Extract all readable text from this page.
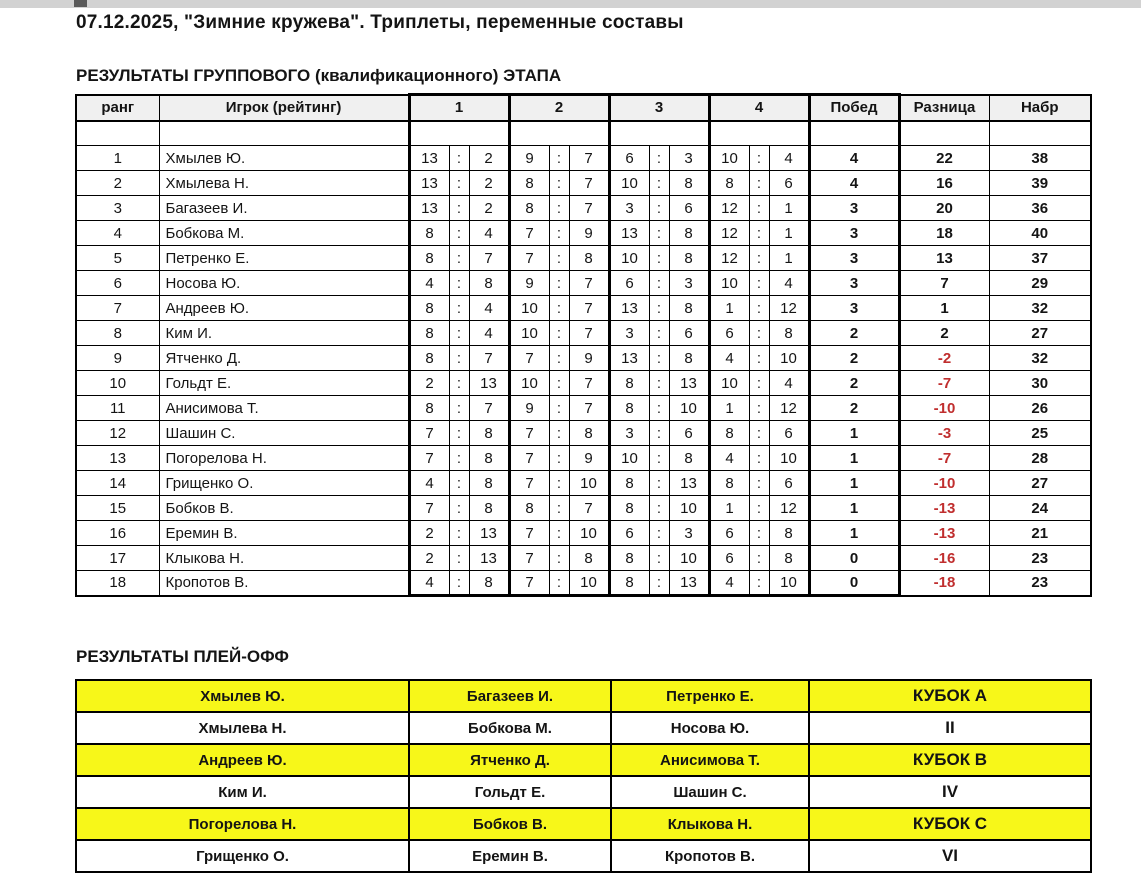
07.12.2025, "Зимние кружева". Триплеты, переменные составы
РЕЗУЛЬТАТЫ ГРУППОВОГО (квалификационного) ЭТАПА
ранг	Игрок (рейтинг)	1			2			3			4			Побед	Разница	Набр

1	Хмылев Ю.	13	:	2	9	:	7	6	:	3	10	:	4	4	22	38
2	Хмылева Н.	13	:	2	8	:	7	10	:	8	8	:	6	4	16	39
3	Багазеев И.	13	:	2	8	:	7	3	:	6	12	:	1	3	20	36
4	Бобкова М.	8	:	4	7	:	9	13	:	8	12	:	1	3	18	40
5	Петренко Е.	8	:	7	7	:	8	10	:	8	12	:	1	3	13	37
6	Носова Ю.	4	:	8	9	:	7	6	:	3	10	:	4	3	7	29
7	Андреев Ю.	8	:	4	10	:	7	13	:	8	1	:	12	3	1	32
8	Ким И.	8	:	4	10	:	7	3	:	6	6	:	8	2	2	27
9	Ятченко Д.	8	:	7	7	:	9	13	:	8	4	:	10	2	-2	32
10	Гольдт Е.	2	:	13	10	:	7	8	:	13	10	:	4	2	-7	30
11	Анисимова Т.	8	:	7	9	:	7	8	:	10	1	:	12	2	-10	26
12	Шашин С.	7	:	8	7	:	8	3	:	6	8	:	6	1	-3	25
13	Погорелова Н.	7	:	8	7	:	9	10	:	8	4	:	10	1	-7	28
14	Грищенко О.	4	:	8	7	:	10	8	:	13	8	:	6	1	-10	27
15	Бобков В.	7	:	8	8	:	7	8	:	10	1	:	12	1	-13	24
16	Еремин В.	2	:	13	7	:	10	6	:	3	6	:	8	1	-13	21
17	Клыкова Н.	2	:	13	7	:	8	8	:	10	6	:	8	0	-16	23
18	Кропотов В.	4	:	8	7	:	10	8	:	13	4	:	10	0	-18	23
РЕЗУЛЬТАТЫ ПЛЕЙ-ОФФ
Хмылев Ю.	Багазеев И.	Петренко Е.	КУБОК А
Хмылева Н.	Бобкова М.	Носова Ю.	II
Андреев Ю.	Ятченко Д.	Анисимова Т.	КУБОК В
Ким И.	Гольдт Е.	Шашин С.	IV
Погорелова Н.	Бобков В.	Клыкова Н.	КУБОК С
Грищенко О.	Еремин В.	Кропотов В.	VI
